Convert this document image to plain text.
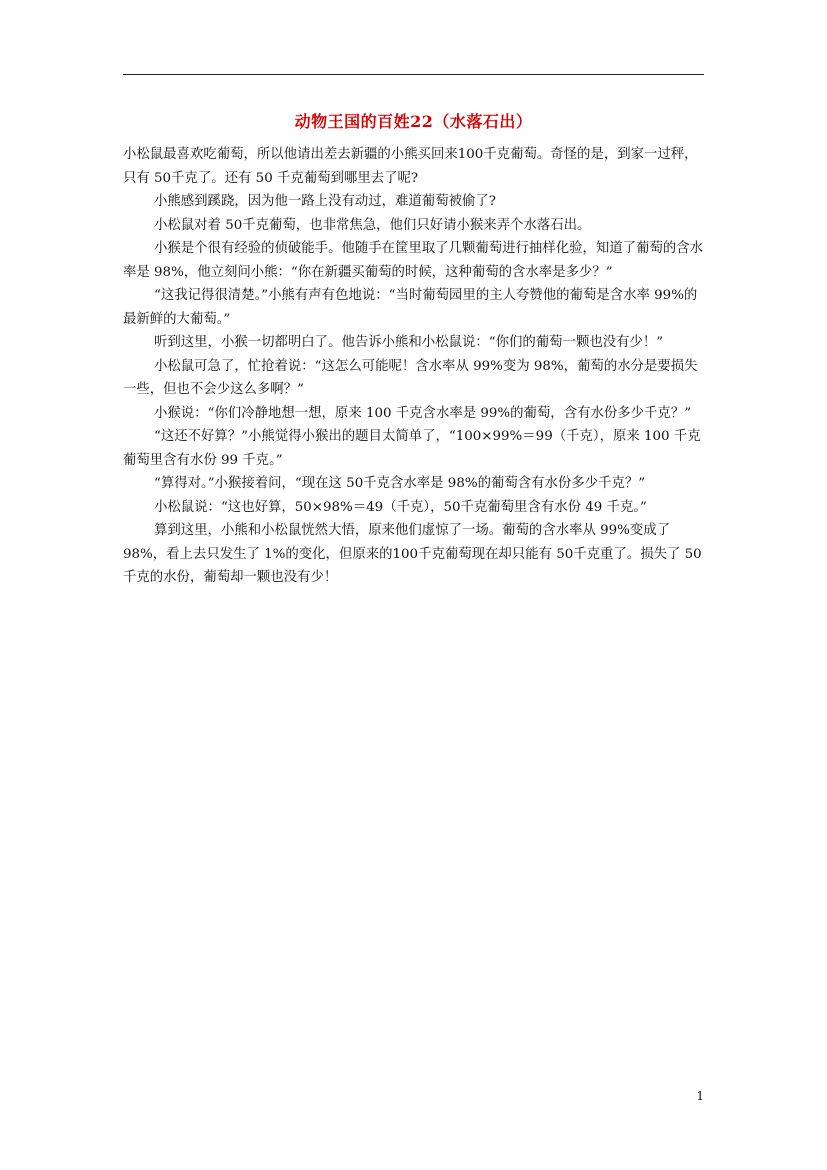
动物王国的百姓22（水落石出）

小松鼠最喜欢吃葡萄，所以他请出差去新疆的小熊买回来100千克葡萄。奇怪的是，到家一过秤，只有 50千克了。还有 50 千克葡萄到哪里去了呢?

小熊感到蹊跷，因为他一路上没有动过，难道葡萄被偷了?

小松鼠对着 50千克葡萄，也非常焦急，他们只好请小猴来弄个水落石出。

小猴是个很有经验的侦破能手。他随手在筐里取了几颗葡萄进行抽样化验，知道了葡萄的含水率是 98%，他立刻问小熊：“你在新疆买葡萄的时候，这种葡萄的含水率是多少？”

“这我记得很清楚。”小熊有声有色地说：“当时葡萄园里的主人夸赞他的葡萄是含水率 99%的最新鲜的大葡萄。”

听到这里，小猴一切都明白了。他告诉小熊和小松鼠说：“你们的葡萄一颗也没有少！”

小松鼠可急了，忙抢着说：“这怎么可能呢！含水率从 99%变为 98%，葡萄的水分是要损失一些，但也不会少这么多啊？”

小猴说：“你们冷静地想一想，原来 100 千克含水率是 99%的葡萄，含有水份多少千克？”

“这还不好算？”小熊觉得小猴出的题目太简单了，“100×99%＝99（千克），原来 100 千克葡萄里含有水份 99 千克。”

“算得对。”小猴接着问，“现在这 50千克含水率是 98%的葡萄含有水份多少千克？”

小松鼠说：“这也好算，50×98%＝49（千克），50千克葡萄里含有水份 49 千克。”

算到这里，小熊和小松鼠恍然大悟，原来他们虚惊了一场。葡萄的含水率从 99%变成了98%，看上去只发生了 1%的变化，但原来的100千克葡萄现在却只能有 50千克重了。损失了 50千克的水份，葡萄却一颗也没有少！

1
